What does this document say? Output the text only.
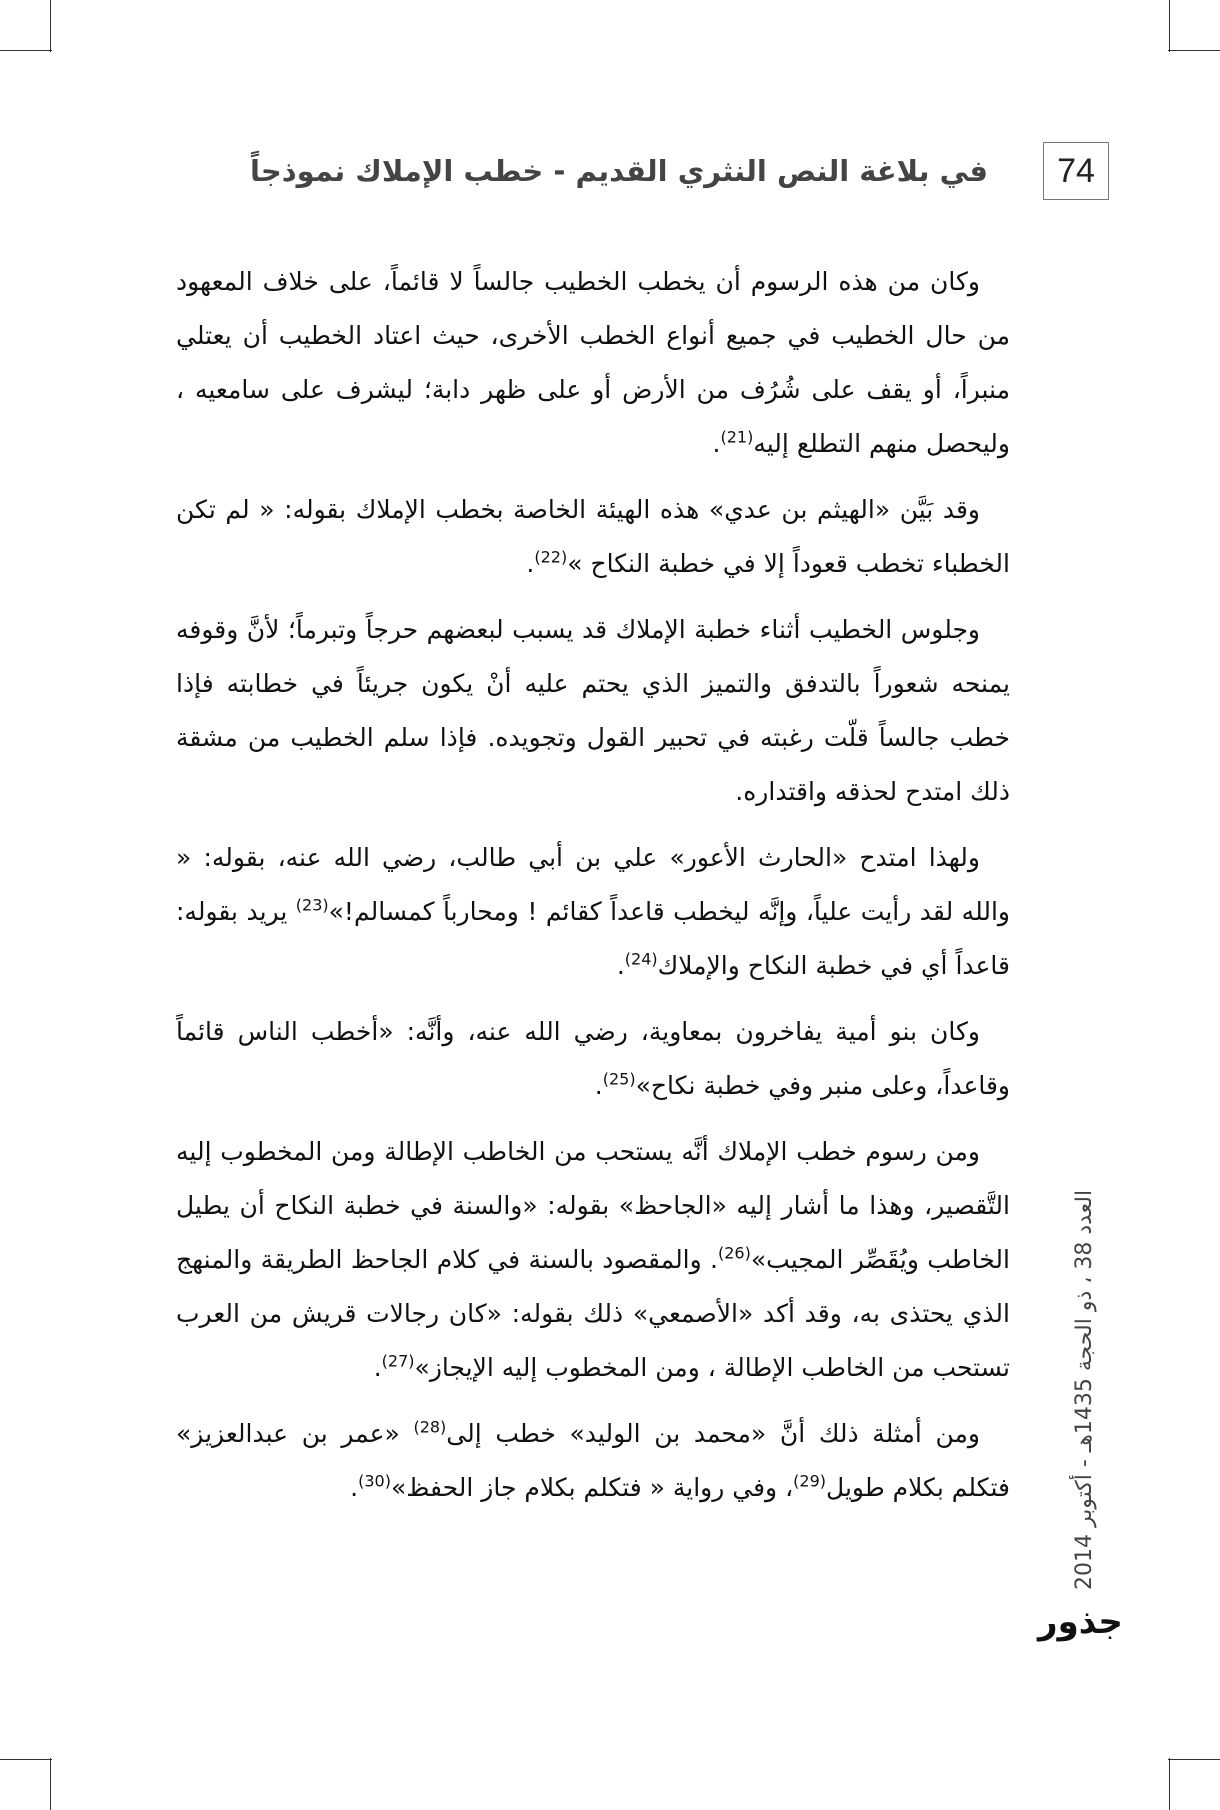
74
في بلاغة النص النثري القديم - خطب الإملاك نموذجاً

وكان من هذه الرسوم أن يخطب الخطيب جالساً لا قائماً، على خلاف المعهود من حال الخطيب في جميع أنواع الخطب الأخرى، حيث اعتاد الخطيب أن يعتلي منبراً، أو يقف على شُرُف من الأرض أو على ظهر دابة؛ ليشرف على سامعيه ، وليحصل منهم التطلع إليه$^{(21)}$.

وقد بَيَّن «الهيثم بن عدي» هذه الهيئة الخاصة بخطب الإملاك بقوله: « لم تكن الخطباء تخطب قعوداً إلا في خطبة النكاح »$^{(22)}$.

وجلوس الخطيب أثناء خطبة الإملاك قد يسبب لبعضهم حرجاً وتبرماً؛ لأنَّ وقوفه يمنحه شعوراً بالتدفق والتميز الذي يحتم عليه أنْ يكون جريئاً في خطابته فإذا خطب جالساً قلّت رغبته في تحبير القول وتجويده. فإذا سلم الخطيب من مشقة ذلك امتدح لحذقه واقتداره.

ولهذا امتدح «الحارث الأعور» علي بن أبي طالب، رضي الله عنه، بقوله: « والله لقد رأيت علياً، وإنَّه ليخطب قاعداً كقائم ! ومحارباً كمسالم!»$^{(23)}$ يريد بقوله: قاعداً أي في خطبة النكاح والإملاك$^{(24)}$.

وكان بنو أمية يفاخرون بمعاوية، رضي الله عنه، وأنَّه: «أخطب الناس قائماً وقاعداً، وعلى منبر وفي خطبة نكاح»$^{(25)}$.

ومن رسوم خطب الإملاك أنَّه يستحب من الخاطب الإطالة ومن المخطوب إليه التَّقصير، وهذا ما أشار إليه «الجاحظ» بقوله: «والسنة في خطبة النكاح أن يطيل الخاطب ويُقَصِّر المجيب»$^{(26)}$. والمقصود بالسنة في كلام الجاحظ الطريقة والمنهج الذي يحتذى به، وقد أكد «الأصمعي» ذلك بقوله: «كان رجالات قريش من العرب تستحب من الخاطب الإطالة ، ومن المخطوب إليه الإيجاز»$^{(27)}$.

ومن أمثلة ذلك أنَّ «محمد بن الوليد» خطب إلى$^{(28)}$ «عمر بن عبدالعزيز» فتكلم بكلام طويل$^{(29)}$، وفي رواية « فتكلم بكلام جاز الحفظ»$^{(30)}$.

العدد 38 ، ذو الحجة 1435هـ - أكتوبر 2014
جذور
